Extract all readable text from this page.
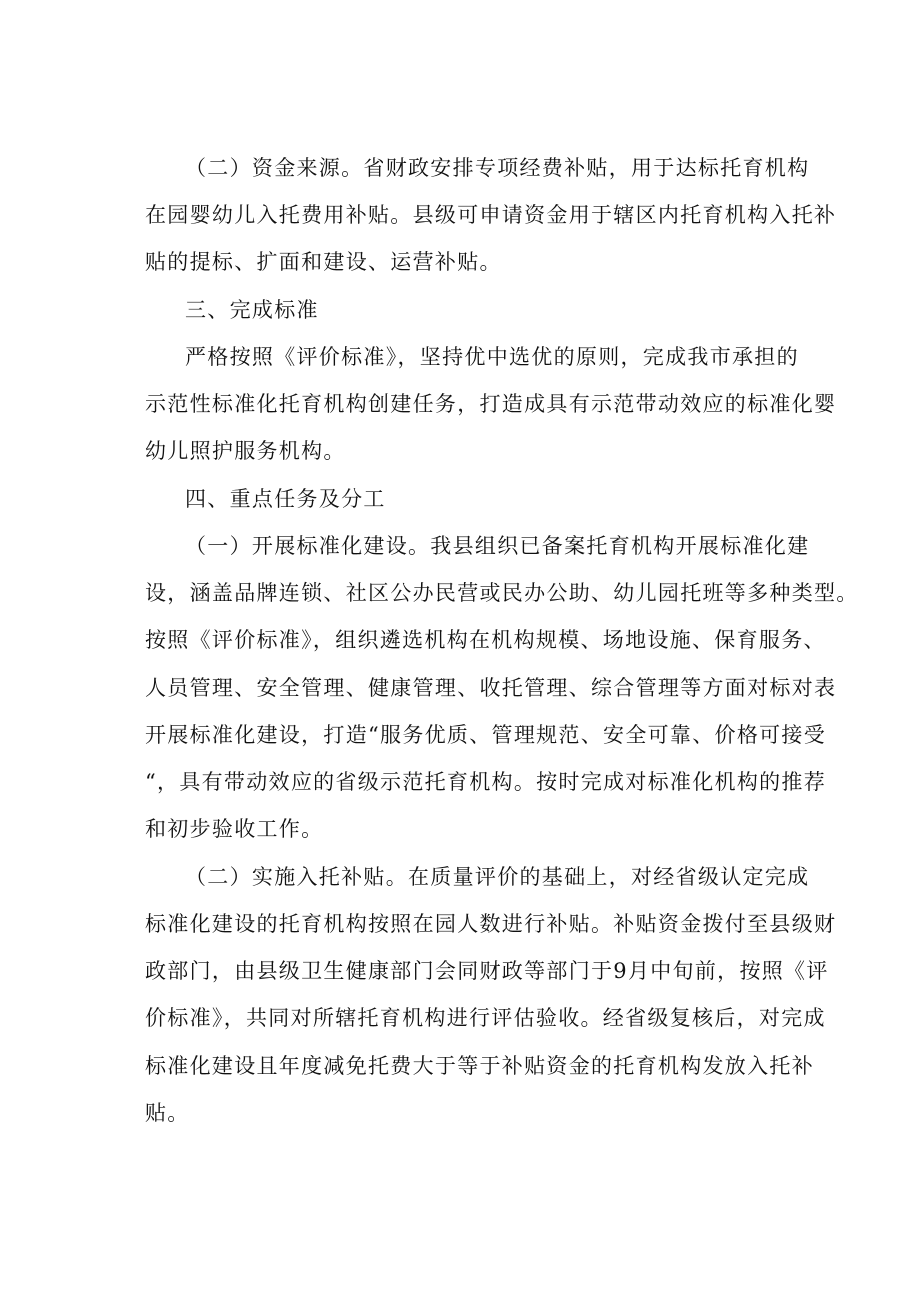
（二）资金来源。省财政安排专项经费补贴，用于达标托育机构
在园婴幼儿入托费用补贴。县级可申请资金用于辖区内托育机构入托补
贴的提标、扩面和建设、运营补贴。
三、完成标准
严格按照《评价标准》，坚持优中选优的原则，完成我市承担的
示范性标准化托育机构创建任务，打造成具有示范带动效应的标准化婴
幼儿照护服务机构。
四、重点任务及分工
（一）开展标准化建设。我县组织已备案托育机构开展标准化建
设，涵盖品牌连锁、社区公办民营或民办公助、幼儿园托班等多种类型。
按照《评价标准》，组织遴选机构在机构规模、场地设施、保育服务、
人员管理、安全管理、健康管理、收托管理、综合管理等方面对标对表
开展标准化建设，打造“服务优质、管理规范、安全可靠、价格可接受
“，具有带动效应的省级示范托育机构。按时完成对标准化机构的推荐
和初步验收工作。
（二）实施入托补贴。在质量评价的基础上，对经省级认定完成
标准化建设的托育机构按照在园人数进行补贴。补贴资金拨付至县级财
政部门，由县级卫生健康部门会同财政等部门于9月中旬前，按照《评
价标准》，共同对所辖托育机构进行评估验收。经省级复核后，对完成
标准化建设且年度减免托费大于等于补贴资金的托育机构发放入托补
贴。
